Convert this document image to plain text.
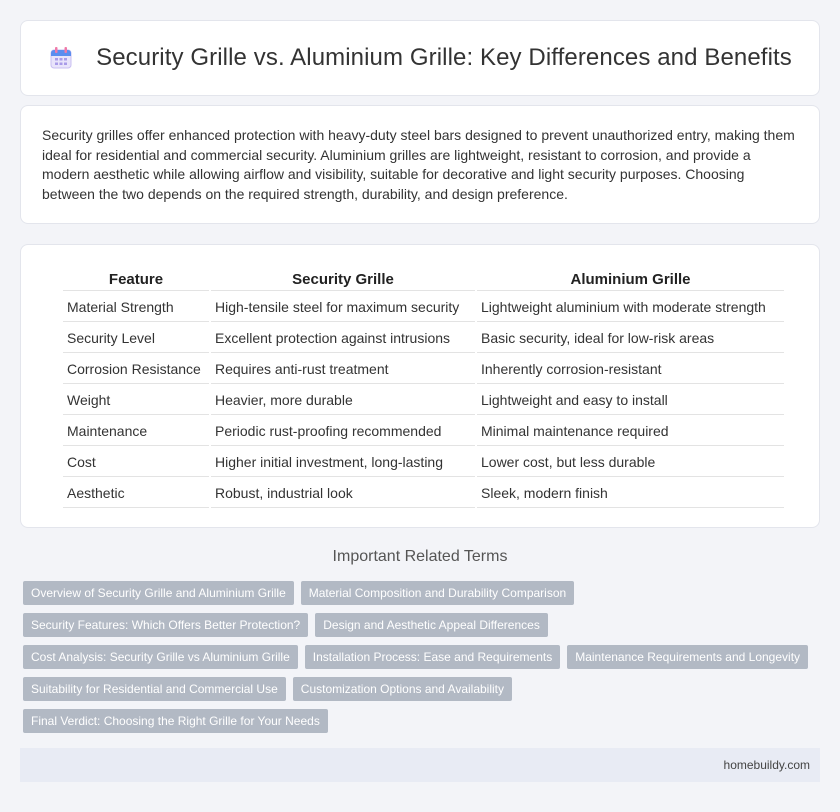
Security Grille vs. Aluminium Grille: Key Differences and Benefits

Security grilles offer enhanced protection with heavy-duty steel bars designed to prevent unauthorized entry, making them ideal for residential and commercial security. Aluminium grilles are lightweight, resistant to corrosion, and provide a modern aesthetic while allowing airflow and visibility, suitable for decorative and light security purposes. Choosing between the two depends on the required strength, durability, and design preference.

Feature	Security Grille	Aluminium Grille
Material Strength	High-tensile steel for maximum security	Lightweight aluminium with moderate strength
Security Level	Excellent protection against intrusions	Basic security, ideal for low-risk areas
Corrosion Resistance	Requires anti-rust treatment	Inherently corrosion-resistant
Weight	Heavier, more durable	Lightweight and easy to install
Maintenance	Periodic rust-proofing recommended	Minimal maintenance required
Cost	Higher initial investment, long-lasting	Lower cost, but less durable
Aesthetic	Robust, industrial look	Sleek, modern finish
Important Related Terms
Overview of Security Grille and Aluminium Grille	Material Composition and Durability Comparison
Security Features: Which Offers Better Protection?	Design and Aesthetic Appeal Differences
Cost Analysis: Security Grille vs Aluminium Grille	Installation Process: Ease and Requirements	Maintenance Requirements and Longevity
Suitability for Residential and Commercial Use	Customization Options and Availability
Final Verdict: Choosing the Right Grille for Your Needs
homebuildy.com
